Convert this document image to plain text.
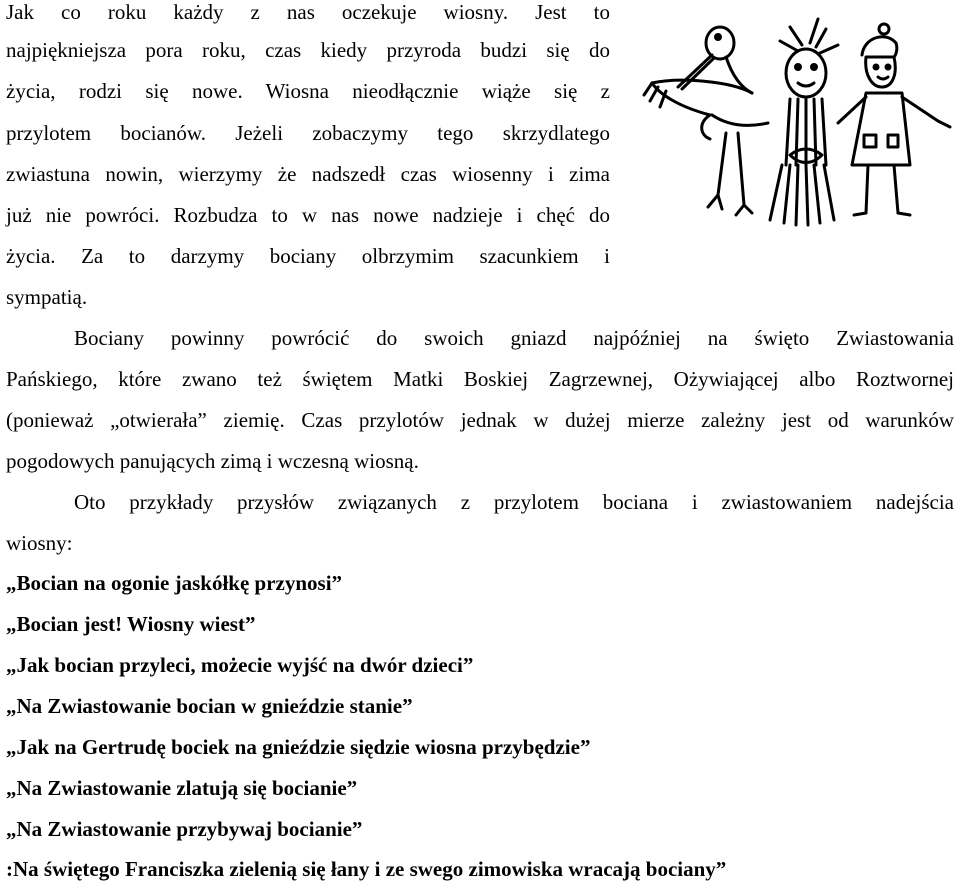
Jak co roku każdy z nas oczekuje wiosny. Jest to

najpiękniejsza pora roku, czas kiedy przyroda budzi się do

życia, rodzi się nowe. Wiosna nieodłącznie wiąże się z

przylotem bocianów. Jeżeli zobaczymy tego skrzydlatego

zwiastuna nowin, wierzymy że nadszedł czas wiosenny i zima

już nie powróci. Rozbudza to w nas nowe nadzieje i chęć do

życia. Za to darzymy bociany olbrzymim szacunkiem i

sympatią.

Bociany powinny powrócić do swoich gniazd najpóźniej na święto Zwiastowania

Pańskiego, które zwano też świętem Matki Boskiej Zagrzewnej, Ożywiającej albo Roztwornej

(ponieważ „otwierała” ziemię. Czas przylotów jednak w dużej mierze zależny jest od warunków

pogodowych panujących zimą i wczesną wiosną.

Oto przykłady przysłów związanych z przylotem bociana i zwiastowaniem nadejścia

wiosny:

„Bocian na ogonie jaskółkę przynosi”

„Bocian jest! Wiosny wiest”

„Jak bocian przyleci, możecie wyjść na dwór dzieci”

„Na Zwiastowanie bocian w gnieździe stanie”

„Jak na Gertrudę bociek na gnieździe siędzie wiosna przybędzie”

„Na Zwiastowanie zlatują się bocianie”

„Na Zwiastowanie przybywaj bocianie”

:Na świętego Franciszka zielenią się łany i ze swego zimowiska wracają bociany”
